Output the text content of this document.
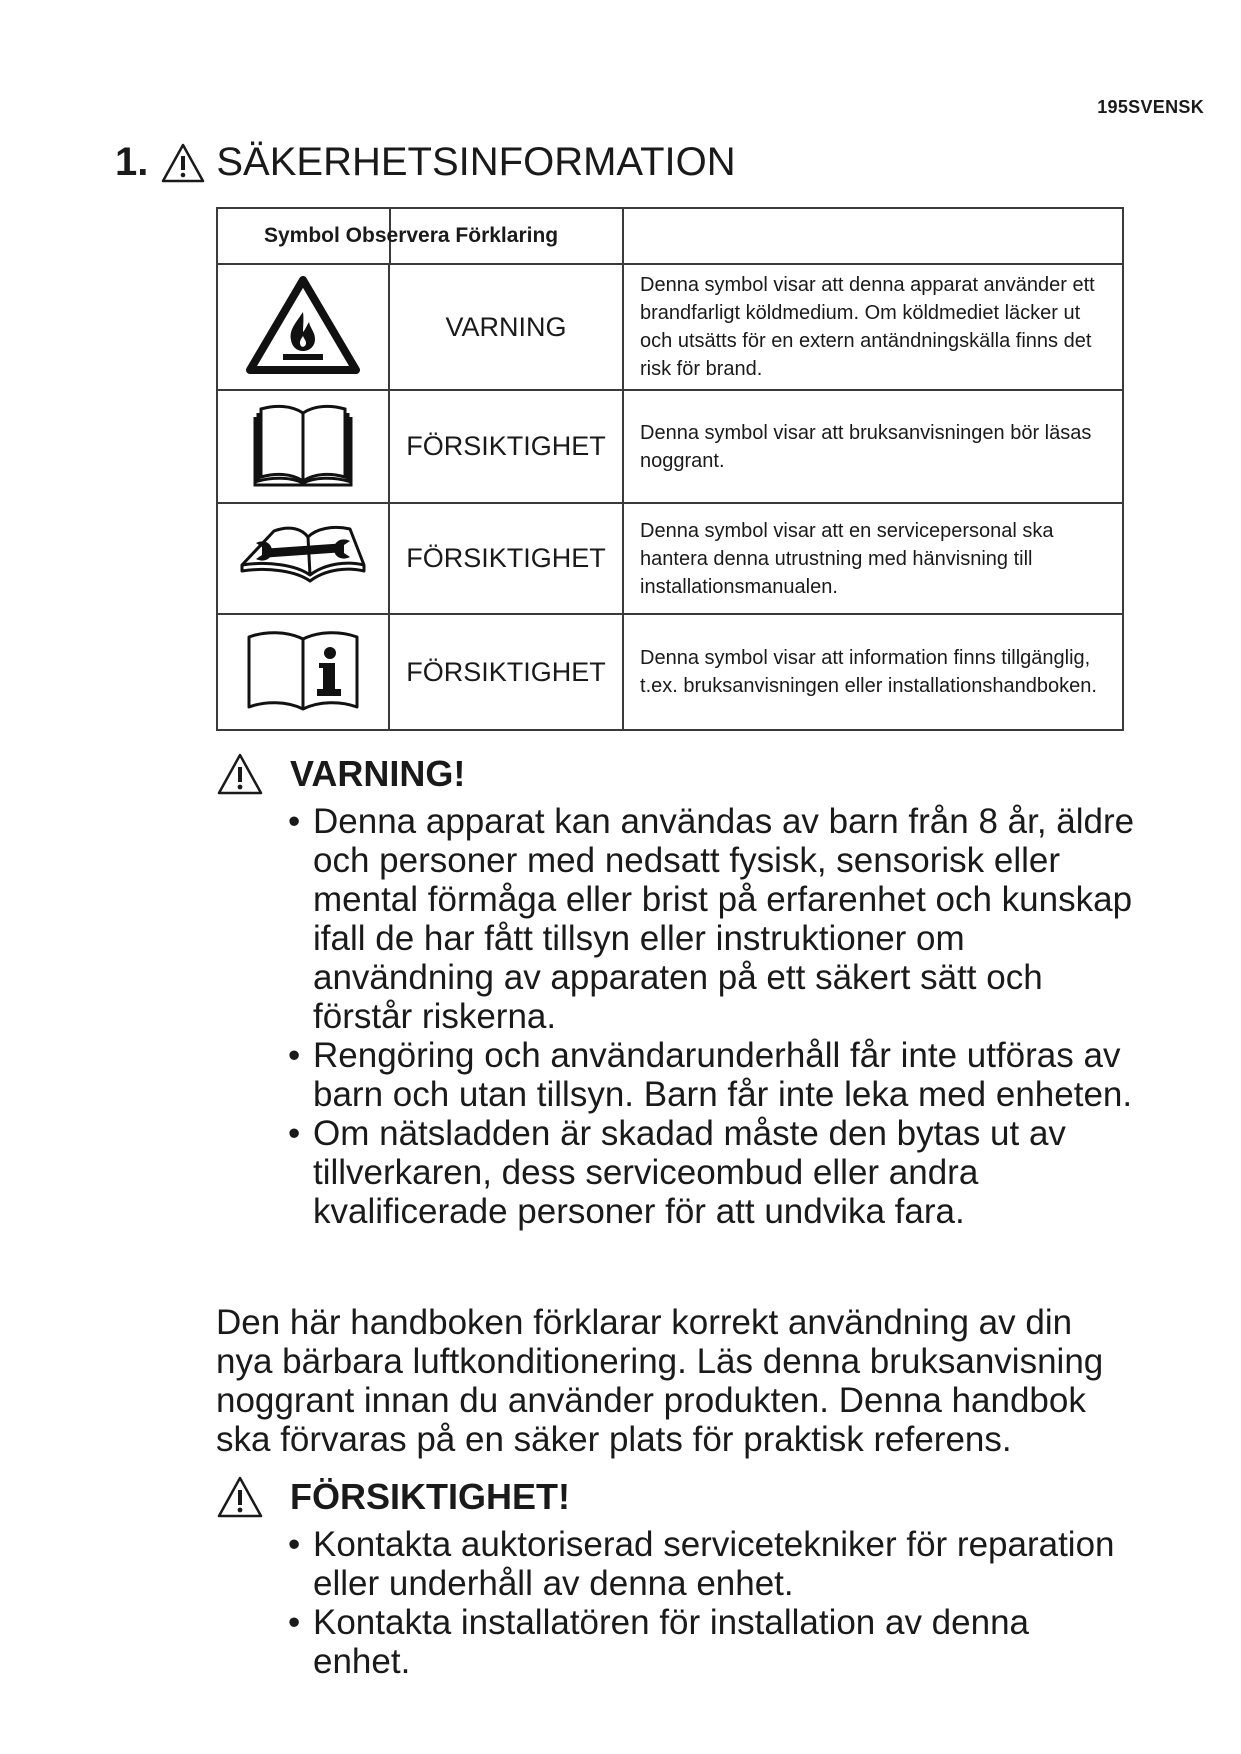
195SVENSK
1. SÄKERHETSINFORMATION
Symbol Observera Förklaring		
	VARNING	Denna symbol visar att denna apparat använder ett brandfarligt köldmedium. Om köldmediet läcker ut och utsätts för en extern antändningskälla finns det risk för brand.
	FÖRSIKTIGHET	Denna symbol visar att bruksanvisningen bör läsas noggrant.
	FÖRSIKTIGHET	Denna symbol visar att en servicepersonal ska hantera denna utrustning med hänvisning till installationsmanualen.
	FÖRSIKTIGHET	Denna symbol visar att information finns tillgänglig, t.ex. bruksanvisningen eller installationshandboken.
VARNING!
• Denna apparat kan användas av barn från 8 år, äldre och personer med nedsatt fysisk, sensorisk eller mental förmåga eller brist på erfarenhet och kunskap ifall de har fått tillsyn eller instruktioner om användning av apparaten på ett säkert sätt och förstår riskerna.
• Rengöring och användarunderhåll får inte utföras av barn och utan tillsyn. Barn får inte leka med enheten.
• Om nätsladden är skadad måste den bytas ut av tillverkaren, dess serviceombud eller andra kvalificerade personer för att undvika fara.

Den här handboken förklarar korrekt användning av din nya bärbara luftkonditionering. Läs denna bruksanvisning noggrant innan du använder produkten. Denna handbok ska förvaras på en säker plats för praktisk referens.

FÖRSIKTIGHET!
• Kontakta auktoriserad servicetekniker för reparation eller underhåll av denna enhet.
• Kontakta installatören för installation av denna enhet.
